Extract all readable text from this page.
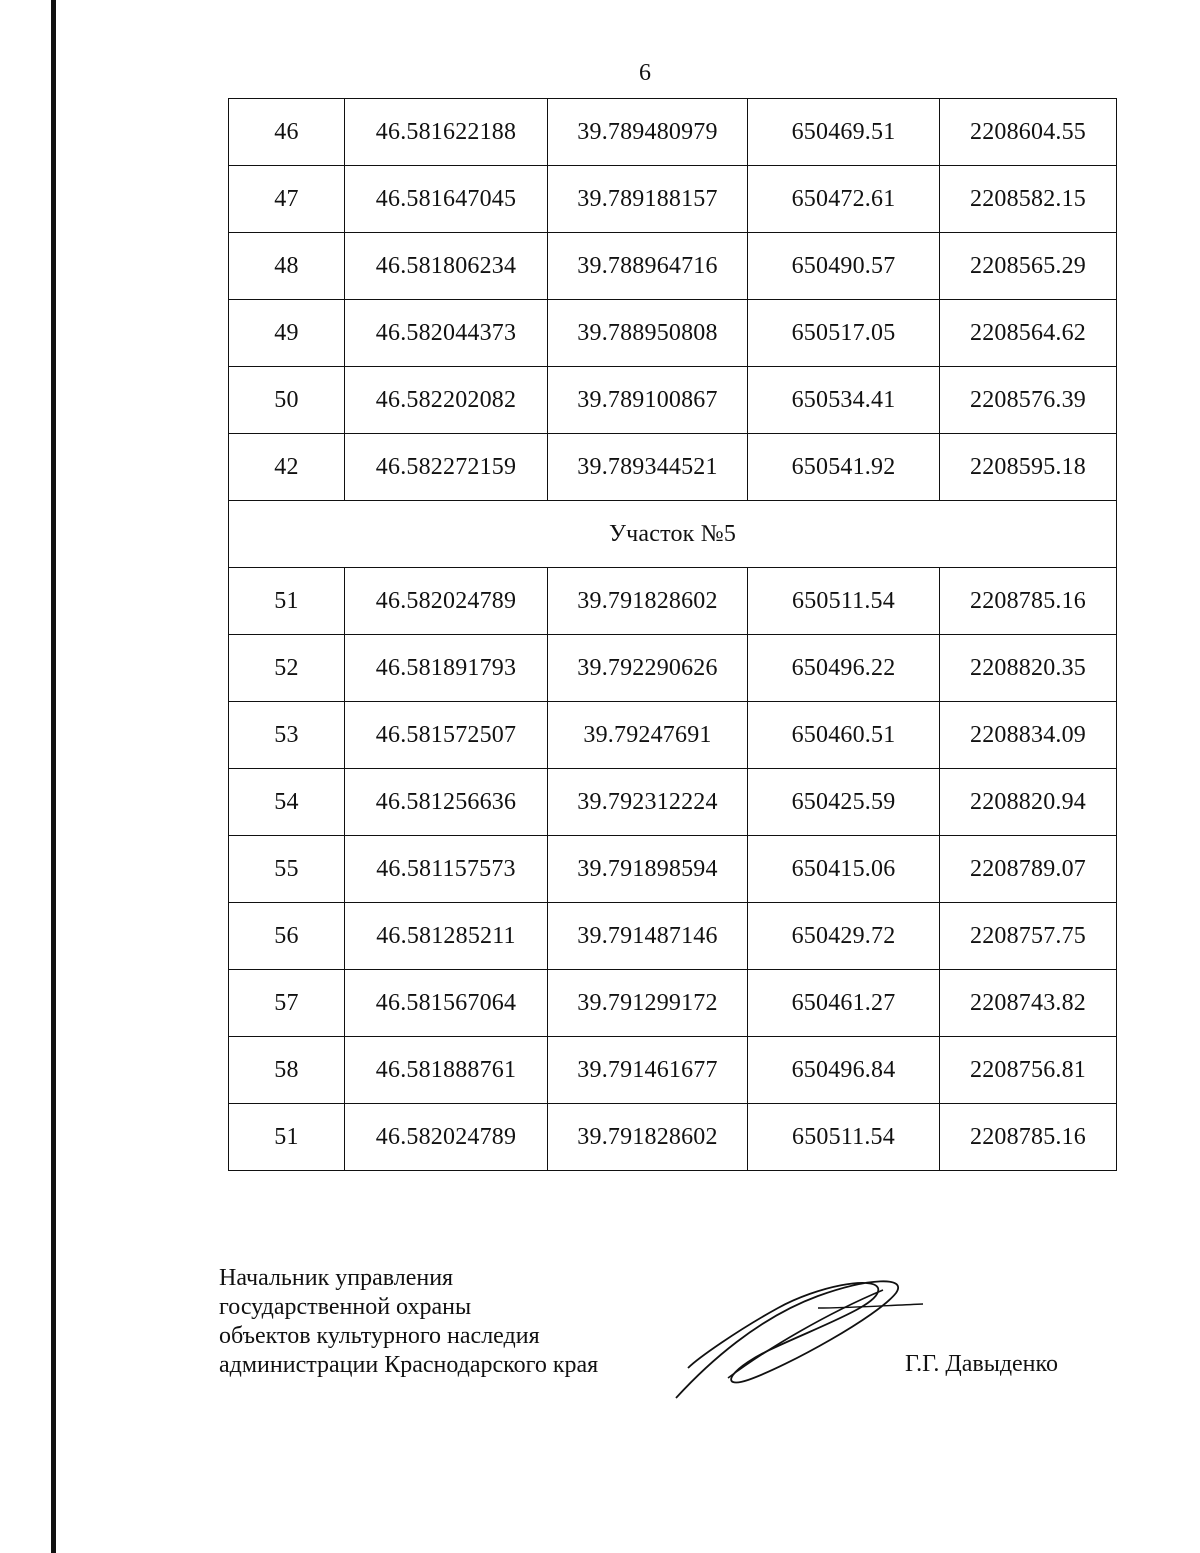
6
46	46.581622188	39.789480979	650469.51	2208604.55
47	46.581647045	39.789188157	650472.61	2208582.15
48	46.581806234	39.788964716	650490.57	2208565.29
49	46.582044373	39.788950808	650517.05	2208564.62
50	46.582202082	39.789100867	650534.41	2208576.39
42	46.582272159	39.789344521	650541.92	2208595.18
Участок №5				
51	46.582024789	39.791828602	650511.54	2208785.16
52	46.581891793	39.792290626	650496.22	2208820.35
53	46.581572507	39.79247691	650460.51	2208834.09
54	46.581256636	39.792312224	650425.59	2208820.94
55	46.581157573	39.791898594	650415.06	2208789.07
56	46.581285211	39.791487146	650429.72	2208757.75
57	46.581567064	39.791299172	650461.27	2208743.82
58	46.581888761	39.791461677	650496.84	2208756.81
51	46.582024789	39.791828602	650511.54	2208785.16
Начальник управления
государственной охраны
объектов культурного наследия
администрации Краснодарского края	Г.Г. Давыденко
